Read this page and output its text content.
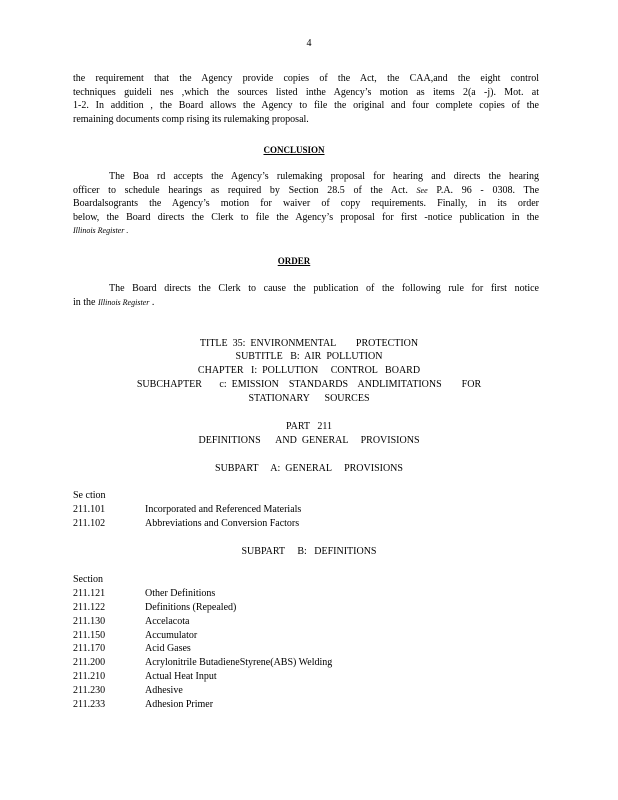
4

the requirement that the Agency provide copies of the Act, the CAA,and the eight control
techniques guideli nes ,which the sources listed inthe Agency’s motion as items 2(a -j). Mot. at
1-2. In addition , the Board allows the Agency to file the original and four complete copies of the
remaining documents comp rising its rulemaking proposal.

CONCLUSION

The Boa rd accepts the Agency’s rulemaking proposal for hearing and directs the hearing
officer to schedule hearings as required by Section 28.5 of the Act. See P.A. 96 - 0308. The
Boardalsogrants the Agency’s motion for waiver of copy requirements. Finally, in its order
below, the Board directs the Clerk to file the Agency’s proposal for first -notice publication in the
Illinois Register .

ORDER

The Board directs the Clerk to cause the publication of the following rule for first notice
in the Illinois Register .

TITLE  35:  ENVIRONMENTAL        PROTECTION
SUBTITLE   B:  AIR  POLLUTION
CHAPTER   I:  POLLUTION     CONTROL   BOARD
SUBCHAPTER       c:  EMISSION    STANDARDS    ANDLIMITATIONS        FOR
STATIONARY      SOURCES
PART   211
DEFINITIONS      AND  GENERAL     PROVISIONS
SUBPART     A:  GENERAL     PROVISIONS
Se ction
211.101	Incorporated and Referenced Materials
211.102	Abbreviations and Conversion Factors
SUBPART     B:   DEFINITIONS
Section
211.121	Other Definitions
211.122	Definitions (Repealed)
211.130	Accelacota
211.150	Accumulator
211.170	Acid Gases
211.200	Acrylonitrile ButadieneStyrene(ABS) Welding
211.210	Actual Heat Input
211.230	Adhesive
211.233	Adhesion Primer
